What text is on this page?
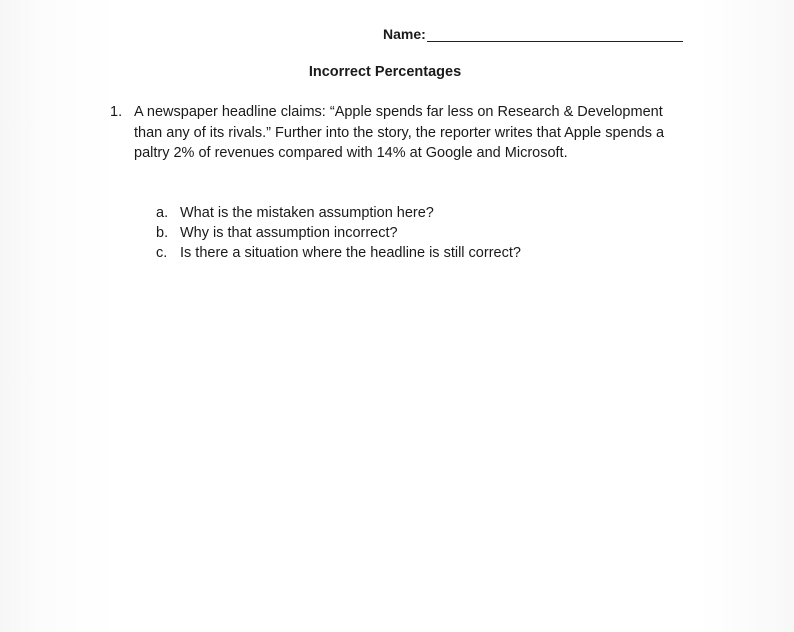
Name:
Incorrect Percentages
1. A newspaper headline claims: “Apple spends far less on Research & Development than any of its rivals.” Further into the story, the reporter writes that Apple spends a paltry 2% of revenues compared with 14% at Google and Microsoft.
a. What is the mistaken assumption here?
b. Why is that assumption incorrect?
c. Is there a situation where the headline is still correct?
